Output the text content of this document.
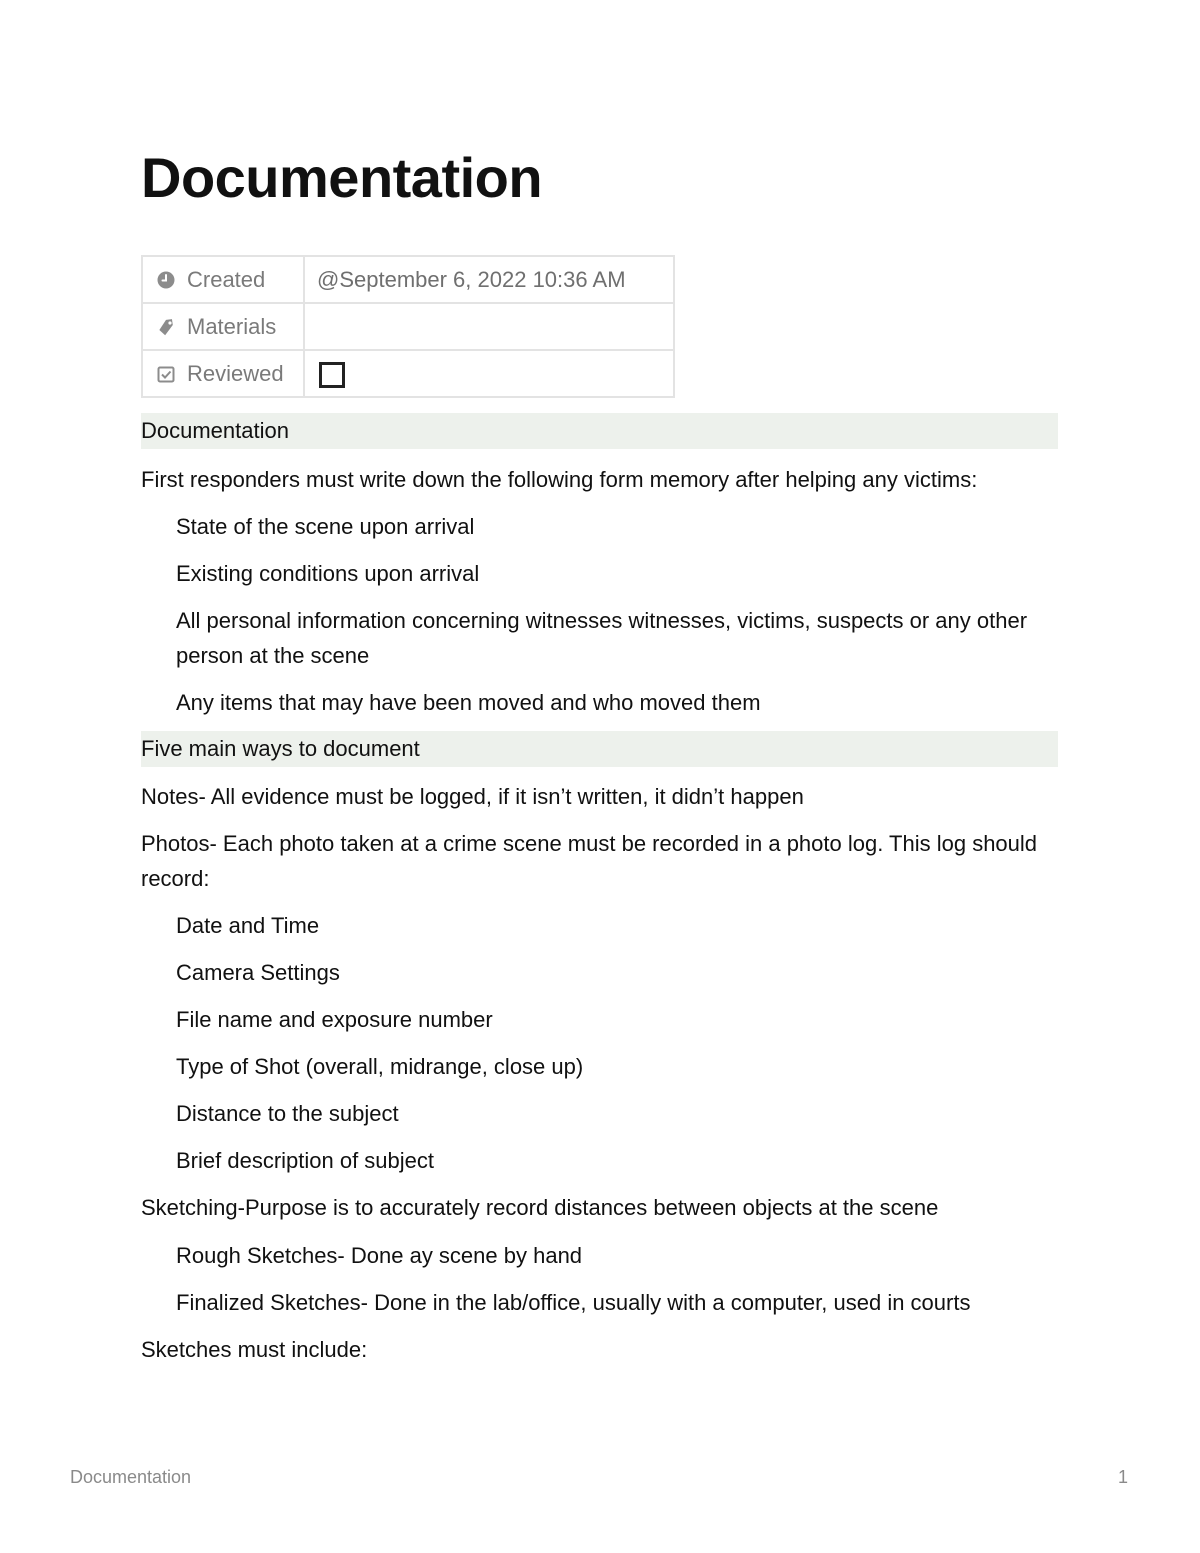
Documentation
Created	@September 6, 2022 10:36 AM

Materials	

Reviewed	

Documentation

First responders must write down the following form memory after helping any victims:

State of the scene upon arrival

Existing conditions upon arrival

All personal information concerning witnesses witnesses, victims, suspects or any other person at the scene

Any items that may have been moved and who moved them

Five main ways to document

Notes- All evidence must be logged, if it isn’t written, it didn’t happen

Photos- Each photo taken at a crime scene must be recorded in a photo log. This log should record:

Date and Time

Camera Settings

File name and exposure number

Type of Shot (overall, midrange, close up)

Distance to the subject

Brief description of subject

Sketching-Purpose is to accurately record distances between objects at the scene

Rough Sketches- Done ay scene by hand

Finalized Sketches- Done in the lab/office, usually with a computer, used in courts

Sketches must include:

Documentation	1
